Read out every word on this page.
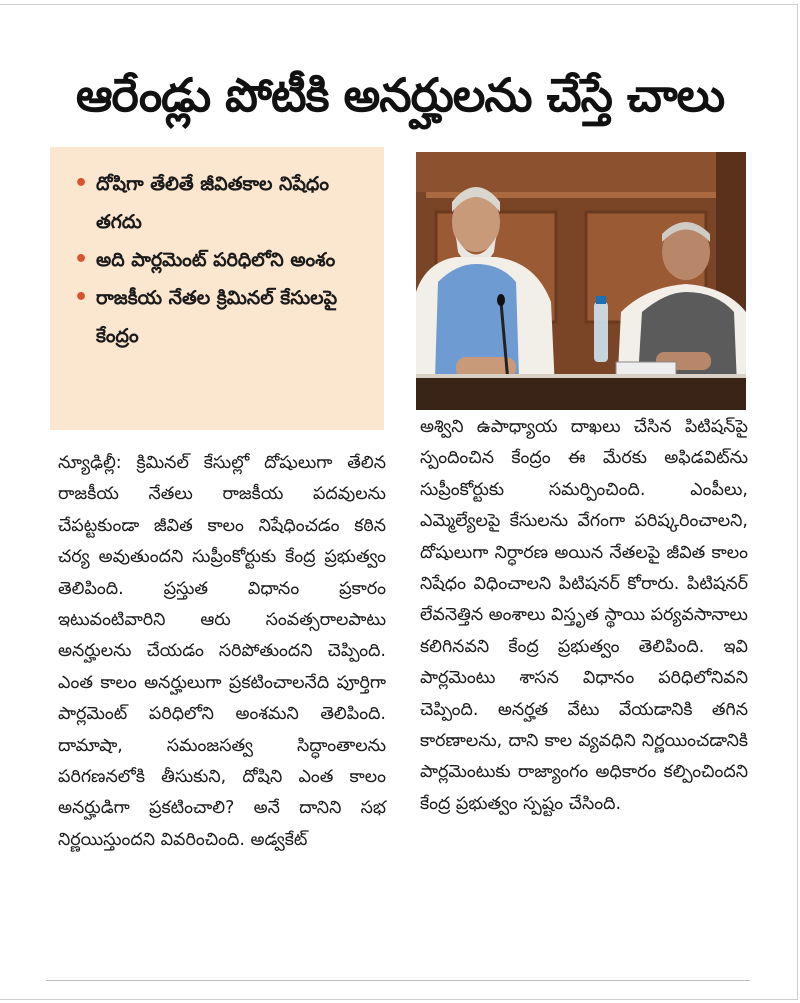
ఆరేండ్లు పోటీకి అనర్హులను చేస్తే చాలు
• దోషిగా తేలితే జీవితకాల నిషేధం తగదు
• అది పార్లమెంట్ పరిధిలోని అంశం
• రాజకీయ నేతల క్రిమినల్ కేసులపై కేంద్రం

న్యూఢిల్లీ: క్రిమినల్ కేసుల్లో దోషులుగా తేలిన రాజకీయ నేతలు రాజకీయ పదవులను చేపట్టకుండా జీవిత కాలం నిషేధించడం కఠిన చర్య అవుతుందని సుప్రీంకోర్టుకు కేంద్ర ప్రభుత్వం తెలిపింది. ప్రస్తుత విధానం ప్రకారం ఇటువంటివారిని ఆరు సంవత్సరాలపాటు అనర్హులను చేయడం సరిపోతుందని చెప్పింది. ఎంత కాలం అనర్హులుగా ప్రకటించాలనేది పూర్తిగా పార్లమెంట్ పరిధిలోని అంశమని తెలిపింది. దామాషా, సమంజసత్వ సిద్ధాంతాలను పరిగణనలోకి తీసుకుని, దోషిని ఎంత కాలం అనర్హుడిగా ప్రకటించాలి? అనే దానిని సభ నిర్ణయిస్తుందని వివరించింది. అడ్వకేట్

అశ్విని ఉపాధ్యాయ దాఖలు చేసిన పిటిషన్‌పై స్పందించిన కేంద్రం ఈ మేరకు అఫిడవిట్‌ను సుప్రీంకోర్టుకు సమర్పించింది. ఎంపీలు, ఎమ్మెల్యేలపై కేసులను వేగంగా పరిష్కరించాలని, దోషులుగా నిర్ధారణ అయిన నేతలపై జీవిత కాలం నిషేధం విధించాలని పిటిషనర్ కోరారు. పిటిషనర్ లేవనెత్తిన అంశాలు విస్తృత స్థాయి పర్యవసానాలు కలిగినవని కేంద్ర ప్రభుత్వం తెలిపింది. ఇవి పార్లమెంటు శాసన విధానం పరిధిలోనివని చెప్పింది. అనర్హత వేటు వేయడానికి తగిన కారణాలను, దాని కాల వ్యవధిని నిర్ణయించడానికి పార్లమెంటుకు రాజ్యాంగం అధికారం కల్పించిందని కేంద్ర ప్రభుత్వం స్పష్టం చేసింది.
